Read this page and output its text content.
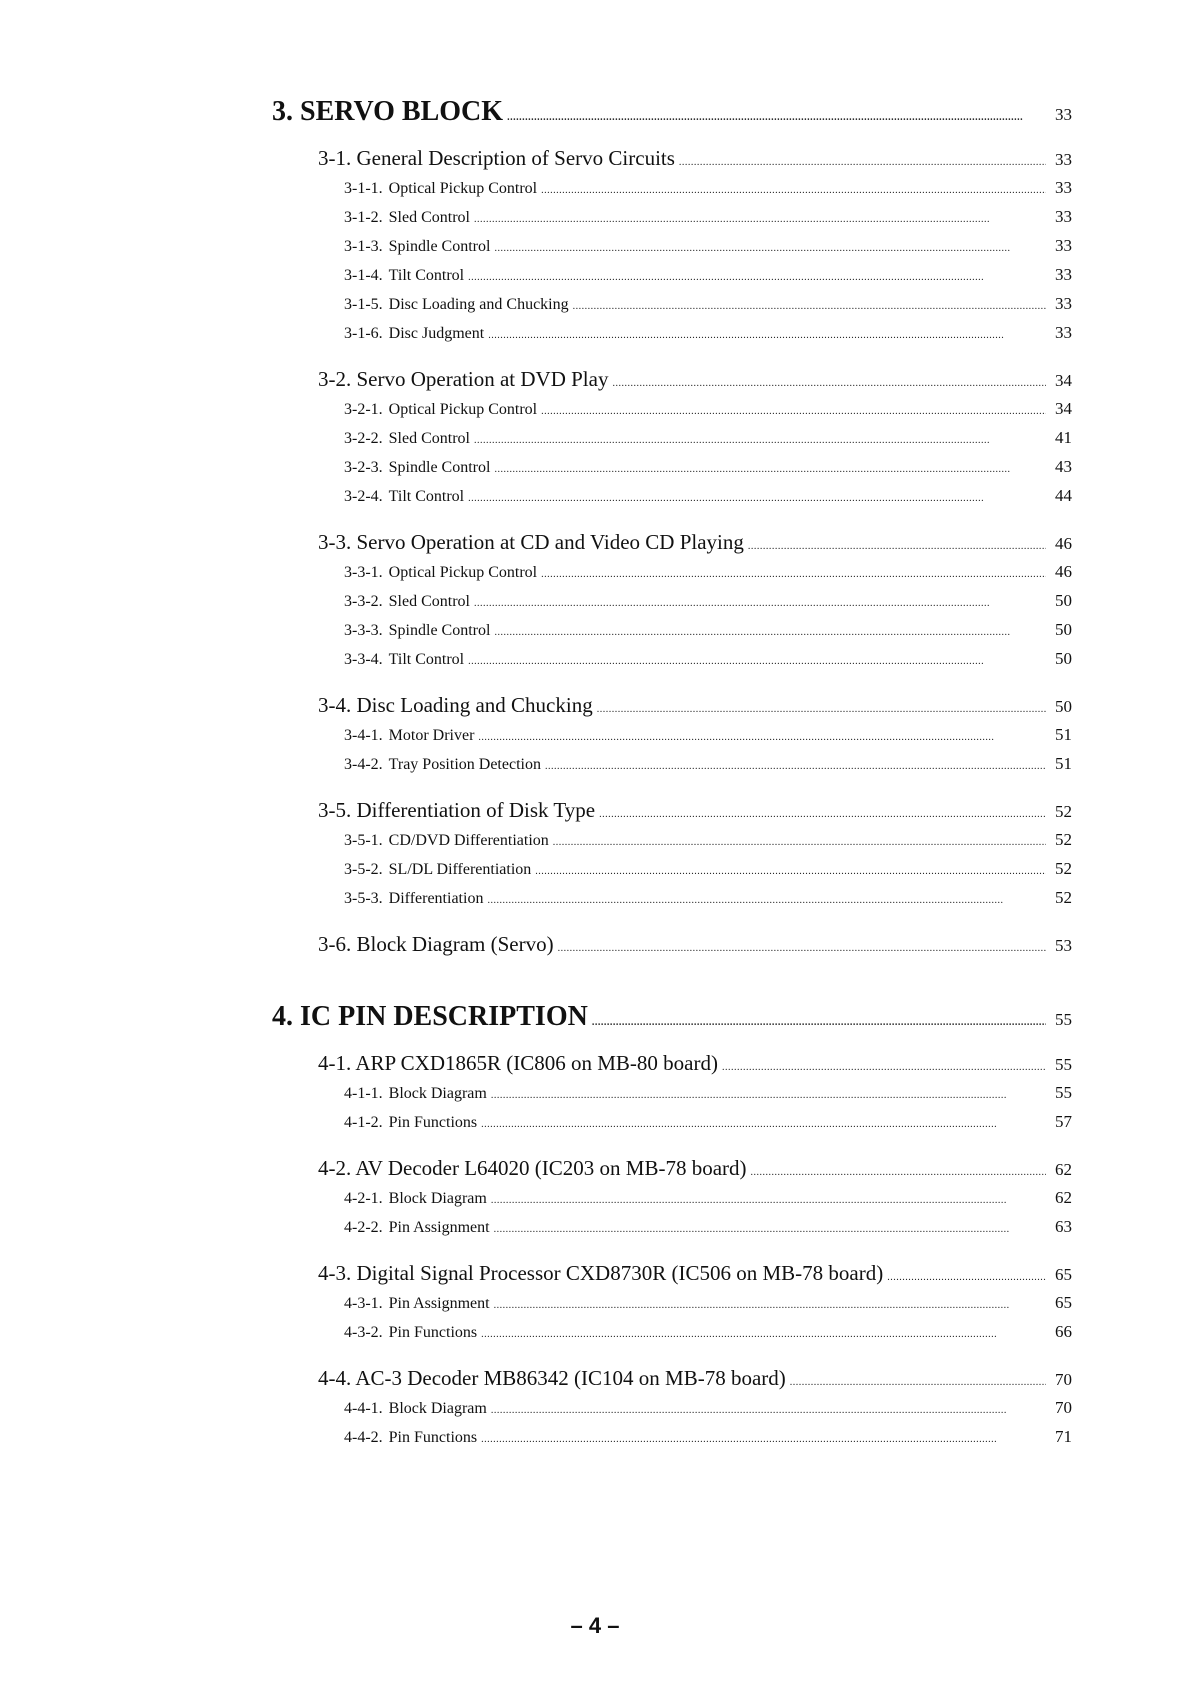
3. SERVO BLOCK . . .	33
3-1. General Description of Servo Circuits . . .	33
3-1-1. Optical Pickup Control . . .	33
3-1-2. Sled Control . . .	33
3-1-3. Spindle Control . . .	33
3-1-4. Tilt Control . . .	33
3-1-5. Disc Loading and Chucking . . .	33
3-1-6. Disc Judgment . . .	33
3-2. Servo Operation at DVD Play . . .	34
3-2-1. Optical Pickup Control . . .	34
3-2-2. Sled Control . . .	41
3-2-3. Spindle Control . . .	43
3-2-4. Tilt Control . . .	44
3-3. Servo Operation at CD and Video CD Playing . . .	46
3-3-1. Optical Pickup Control . . .	46
3-3-2. Sled Control . . .	50
3-3-3. Spindle Control . . .	50
3-3-4. Tilt Control . . .	50
3-4. Disc Loading and Chucking . . .	50
3-4-1. Motor Driver . . .	51
3-4-2. Tray Position Detection . . .	51
3-5. Differentiation of Disk Type . . .	52
3-5-1. CD/DVD Differentiation . . .	52
3-5-2. SL/DL Differentiation . . .	52
3-5-3. Differentiation . . .	52
3-6. Block Diagram (Servo) . . .	53
4. IC PIN DESCRIPTION . . .	55
4-1. ARP CXD1865R (IC806 on MB-80 board) . . .	55
4-1-1. Block Diagram . . .	55
4-1-2. Pin Functions . . .	57
4-2. AV Decoder L64020 (IC203 on MB-78 board) . . .	62
4-2-1. Block Diagram . . .	62
4-2-2. Pin Assignment . . .	63
4-3. Digital Signal Processor CXD8730R (IC506 on MB-78 board) . . .	65
4-3-1. Pin Assignment . . .	65
4-3-2. Pin Functions . . .	66
4-4. AC-3 Decoder MB86342 (IC104 on MB-78 board) . . .	70
4-4-1. Block Diagram . . .	70
4-4-2. Pin Functions . . .	71
– 4 –
